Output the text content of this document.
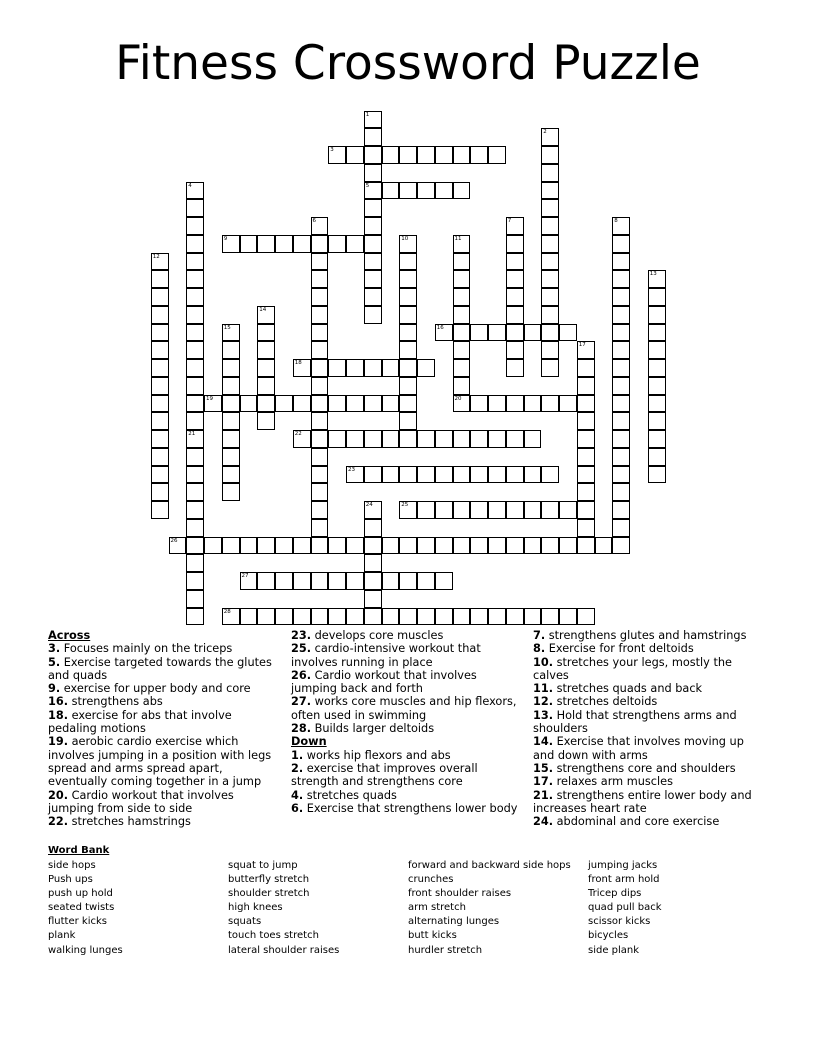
Fitness Crossword Puzzle
1
5
2
3
4
21
6	7	8
9	10	11
20
12
13
14
15	16
17
18
19
22
23
24	25
26
27
28
Across
3. Focuses mainly on the triceps
5. Exercise targeted towards the glutes and quads
9. exercise for upper body and core
16. strengthens abs
18. exercise for abs that involve pedaling motions
19. aerobic cardio exercise which involves jumping in a position with legs spread and arms spread apart, eventually coming together in a jump
20. Cardio workout that involves jumping from side to side
22. stretches hamstrings
23. develops core muscles
25. cardio-intensive workout that involves running in place
26. Cardio workout that involves jumping back and forth
27. works core muscles and hip flexors, often used in swimming
28. Builds larger deltoids
Down
1. works hip flexors and abs
2. exercise that improves overall strength and strengthens core
4. stretches quads
6. Exercise that strengthens lower body
7. strengthens glutes and hamstrings
8. Exercise for front deltoids
10. stretches your legs, mostly the calves
11. stretches quads and back
12. stretches deltoids
13. Hold that strengthens arms and shoulders
14. Exercise that involves moving up and down with arms
15. strengthens core and shoulders
17. relaxes arm muscles
21. strengthens entire lower body and increases heart rate
24. abdominal and core exercise
Word Bank
side hops
Push ups
push up hold
seated twists
flutter kicks
plank
walking lunges
squat to jump
butterfly stretch
shoulder stretch
high knees
squats
touch toes stretch
lateral shoulder raises
forward and backward side hops
crunches
front shoulder raises
arm stretch
alternating lunges
butt kicks
hurdler stretch
jumping jacks
front arm hold
Tricep dips
quad pull back
scissor kicks
bicycles
side plank
